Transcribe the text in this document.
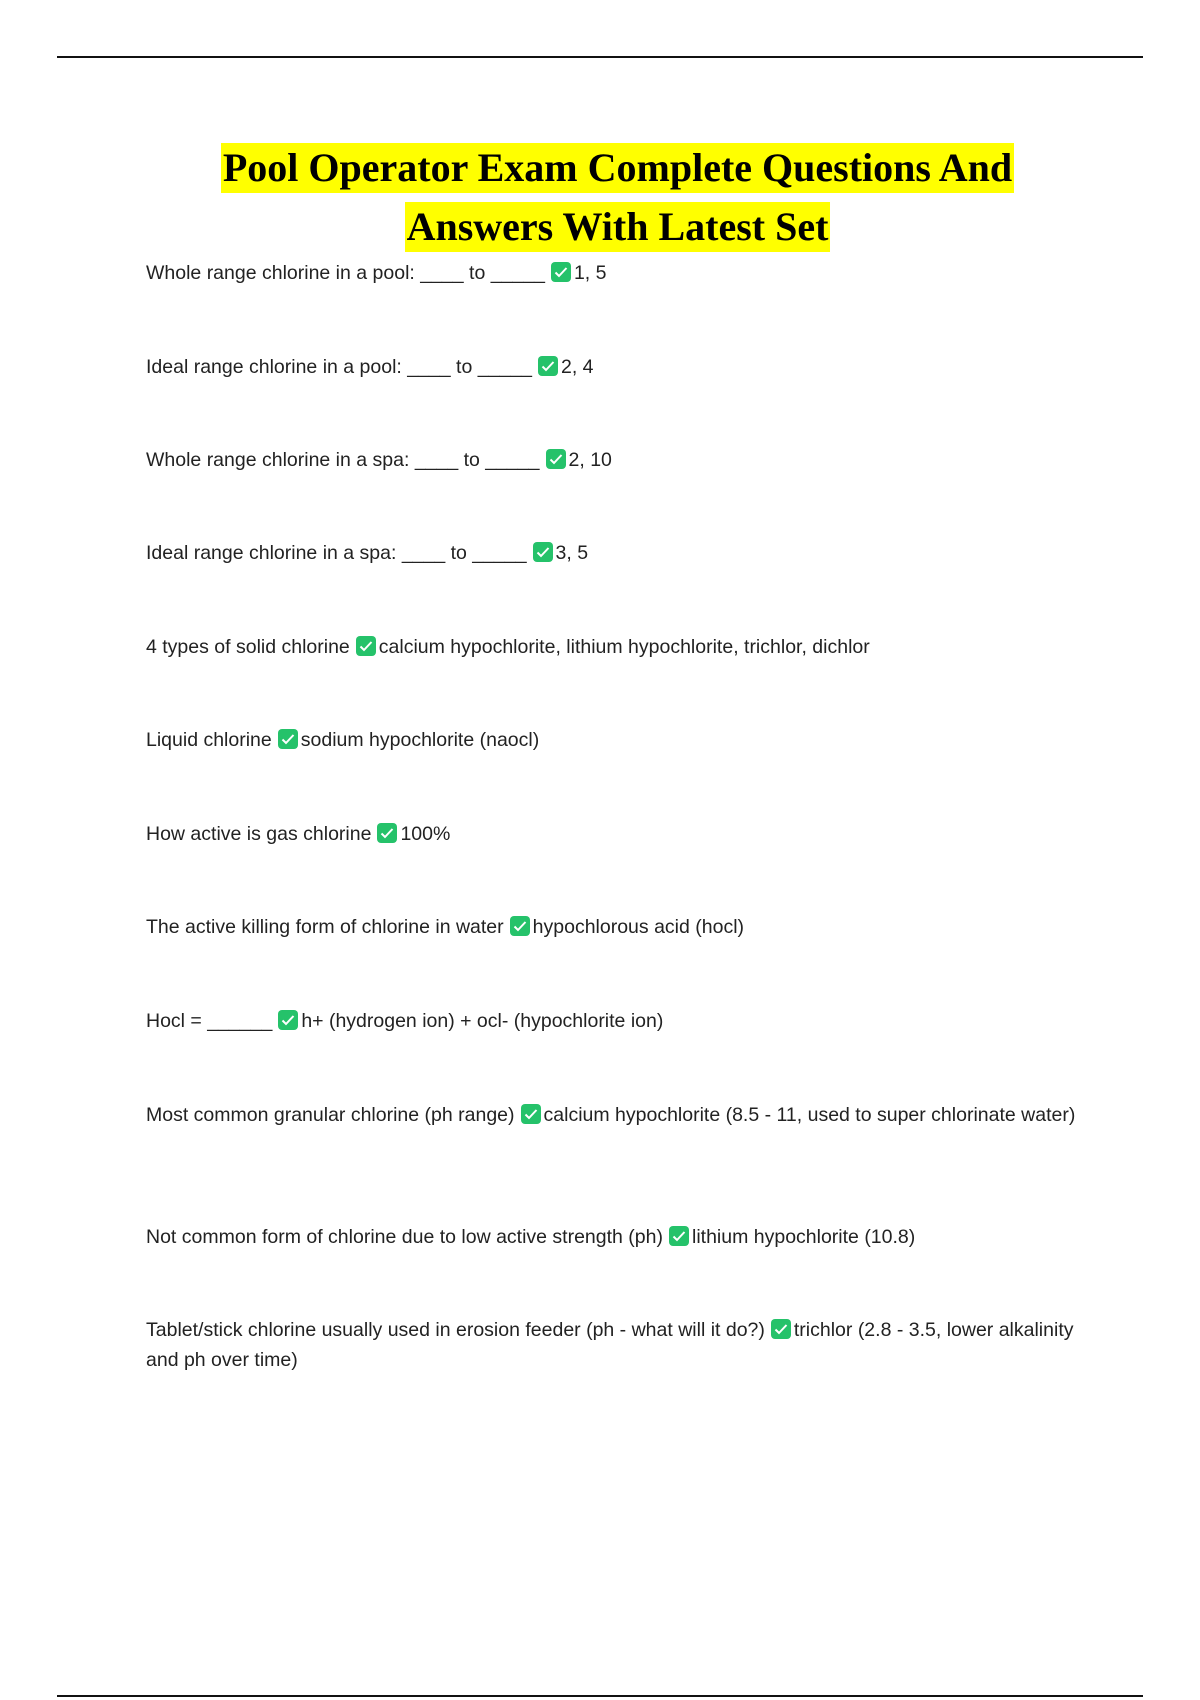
Pool Operator Exam Complete Questions And
Answers With Latest Set
Whole range chlorine in a pool: ____ to _____ 1, 5
Ideal range chlorine in a pool: ____ to _____ 2, 4
Whole range chlorine in a spa: ____ to _____ 2, 10
Ideal range chlorine in a spa: ____ to _____ 3, 5
4 types of solid chlorine calcium hypochlorite, lithium hypochlorite, trichlor, dichlor
Liquid chlorine sodium hypochlorite (naocl)
How active is gas chlorine 100%
The active killing form of chlorine in water hypochlorous acid (hocl)
Hocl = ______ h+ (hydrogen ion) + ocl- (hypochlorite ion)
Most common granular chlorine (ph range) calcium hypochlorite (8.5 - 11, used to super chlorinate water)
Not common form of chlorine due to low active strength (ph) lithium hypochlorite (10.8)
Tablet/stick chlorine usually used in erosion feeder (ph - what will it do?) trichlor (2.8 - 3.5, lower alkalinity and ph over time)
